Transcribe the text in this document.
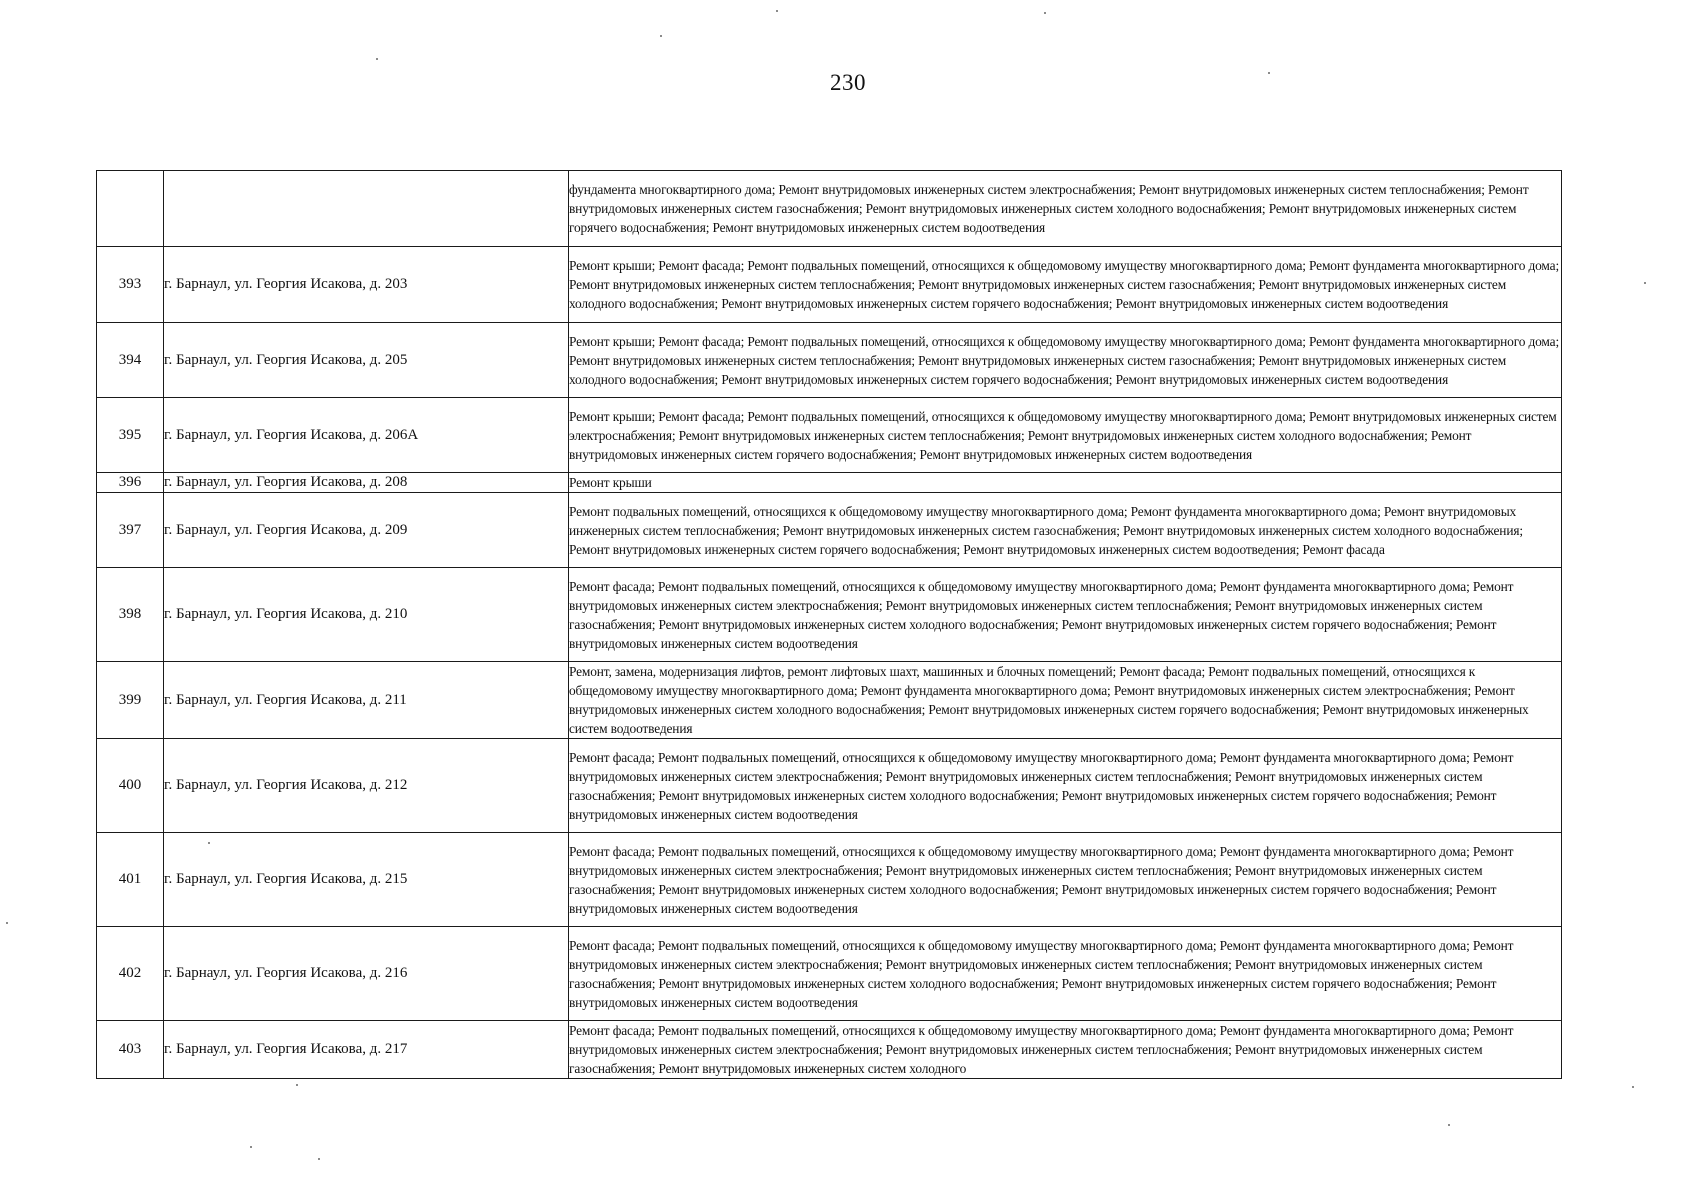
230
		фундамента многоквартирного дома; Ремонт внутридомовых инженерных систем электроснабжения; Ремонт внутридомовых инженерных систем теплоснабжения; Ремонт внутридомовых инженерных систем газоснабжения; Ремонт внутридомовых инженерных систем холодного водоснабжения; Ремонт внутридомовых инженерных систем горячего водоснабжения; Ремонт внутридомовых инженерных систем водоотведения
393	г. Барнаул, ул. Георгия Исакова, д. 203	Ремонт крыши; Ремонт фасада; Ремонт подвальных помещений, относящихся к общедомовому имуществу многоквартирного дома; Ремонт фундамента многоквартирного дома; Ремонт внутридомовых инженерных систем теплоснабжения; Ремонт внутридомовых инженерных систем газоснабжения; Ремонт внутридомовых инженерных систем холодного водоснабжения; Ремонт внутридомовых инженерных систем горячего водоснабжения; Ремонт внутридомовых инженерных систем водоотведения
394	г. Барнаул, ул. Георгия Исакова, д. 205	Ремонт крыши; Ремонт фасада; Ремонт подвальных помещений, относящихся к общедомовому имуществу многоквартирного дома; Ремонт фундамента многоквартирного дома; Ремонт внутридомовых инженерных систем теплоснабжения; Ремонт внутридомовых инженерных систем газоснабжения; Ремонт внутридомовых инженерных систем холодного водоснабжения; Ремонт внутридомовых инженерных систем горячего водоснабжения; Ремонт внутридомовых инженерных систем водоотведения
395	г. Барнаул, ул. Георгия Исакова, д. 206А	Ремонт крыши; Ремонт фасада; Ремонт подвальных помещений, относящихся к общедомовому имуществу многоквартирного дома; Ремонт внутридомовых инженерных систем электроснабжения; Ремонт внутридомовых инженерных систем теплоснабжения; Ремонт внутридомовых инженерных систем холодного водоснабжения; Ремонт внутридомовых инженерных систем горячего водоснабжения; Ремонт внутридомовых инженерных систем водоотведения
396	г. Барнаул, ул. Георгия Исакова, д. 208	Ремонт крыши
397	г. Барнаул, ул. Георгия Исакова, д. 209	Ремонт подвальных помещений, относящихся к общедомовому имуществу многоквартирного дома; Ремонт фундамента многоквартирного дома; Ремонт внутридомовых инженерных систем теплоснабжения; Ремонт внутридомовых инженерных систем газоснабжения; Ремонт внутридомовых инженерных систем холодного водоснабжения; Ремонт внутридомовых инженерных систем горячего водоснабжения; Ремонт внутридомовых инженерных систем водоотведения; Ремонт фасада
398	г. Барнаул, ул. Георгия Исакова, д. 210	Ремонт фасада; Ремонт подвальных помещений, относящихся к общедомовому имуществу многоквартирного дома; Ремонт фундамента многоквартирного дома; Ремонт внутридомовых инженерных систем электроснабжения; Ремонт внутридомовых инженерных систем теплоснабжения; Ремонт внутридомовых инженерных систем газоснабжения; Ремонт внутридомовых инженерных систем холодного водоснабжения; Ремонт внутридомовых инженерных систем горячего водоснабжения; Ремонт внутридомовых инженерных систем водоотведения
399	г. Барнаул, ул. Георгия Исакова, д. 211	Ремонт, замена, модернизация лифтов, ремонт лифтовых шахт, машинных и блочных помещений; Ремонт фасада; Ремонт подвальных помещений, относящихся к общедомовому имуществу многоквартирного дома; Ремонт фундамента многоквартирного дома; Ремонт внутридомовых инженерных систем электроснабжения; Ремонт внутридомовых инженерных систем холодного водоснабжения; Ремонт внутридомовых инженерных систем горячего водоснабжения; Ремонт внутридомовых инженерных систем водоотведения
400	г. Барнаул, ул. Георгия Исакова, д. 212	Ремонт фасада; Ремонт подвальных помещений, относящихся к общедомовому имуществу многоквартирного дома; Ремонт фундамента многоквартирного дома; Ремонт внутридомовых инженерных систем электроснабжения; Ремонт внутридомовых инженерных систем теплоснабжения; Ремонт внутридомовых инженерных систем газоснабжения; Ремонт внутридомовых инженерных систем холодного водоснабжения; Ремонт внутридомовых инженерных систем горячего водоснабжения; Ремонт внутридомовых инженерных систем водоотведения
401	г. Барнаул, ул. Георгия Исакова, д. 215	Ремонт фасада; Ремонт подвальных помещений, относящихся к общедомовому имуществу многоквартирного дома; Ремонт фундамента многоквартирного дома; Ремонт внутридомовых инженерных систем электроснабжения; Ремонт внутридомовых инженерных систем теплоснабжения; Ремонт внутридомовых инженерных систем газоснабжения; Ремонт внутридомовых инженерных систем холодного водоснабжения; Ремонт внутридомовых инженерных систем горячего водоснабжения; Ремонт внутридомовых инженерных систем водоотведения
402	г. Барнаул, ул. Георгия Исакова, д. 216	Ремонт фасада; Ремонт подвальных помещений, относящихся к общедомовому имуществу многоквартирного дома; Ремонт фундамента многоквартирного дома; Ремонт внутридомовых инженерных систем электроснабжения; Ремонт внутридомовых инженерных систем теплоснабжения; Ремонт внутридомовых инженерных систем газоснабжения; Ремонт внутридомовых инженерных систем холодного водоснабжения; Ремонт внутридомовых инженерных систем горячего водоснабжения; Ремонт внутридомовых инженерных систем водоотведения
403	г. Барнаул, ул. Георгия Исакова, д. 217	Ремонт фасада; Ремонт подвальных помещений, относящихся к общедомовому имуществу многоквартирного дома; Ремонт фундамента многоквартирного дома; Ремонт внутридомовых инженерных систем электроснабжения; Ремонт внутридомовых инженерных систем теплоснабжения; Ремонт внутридомовых инженерных систем газоснабжения; Ремонт внутридомовых инженерных систем холодного
